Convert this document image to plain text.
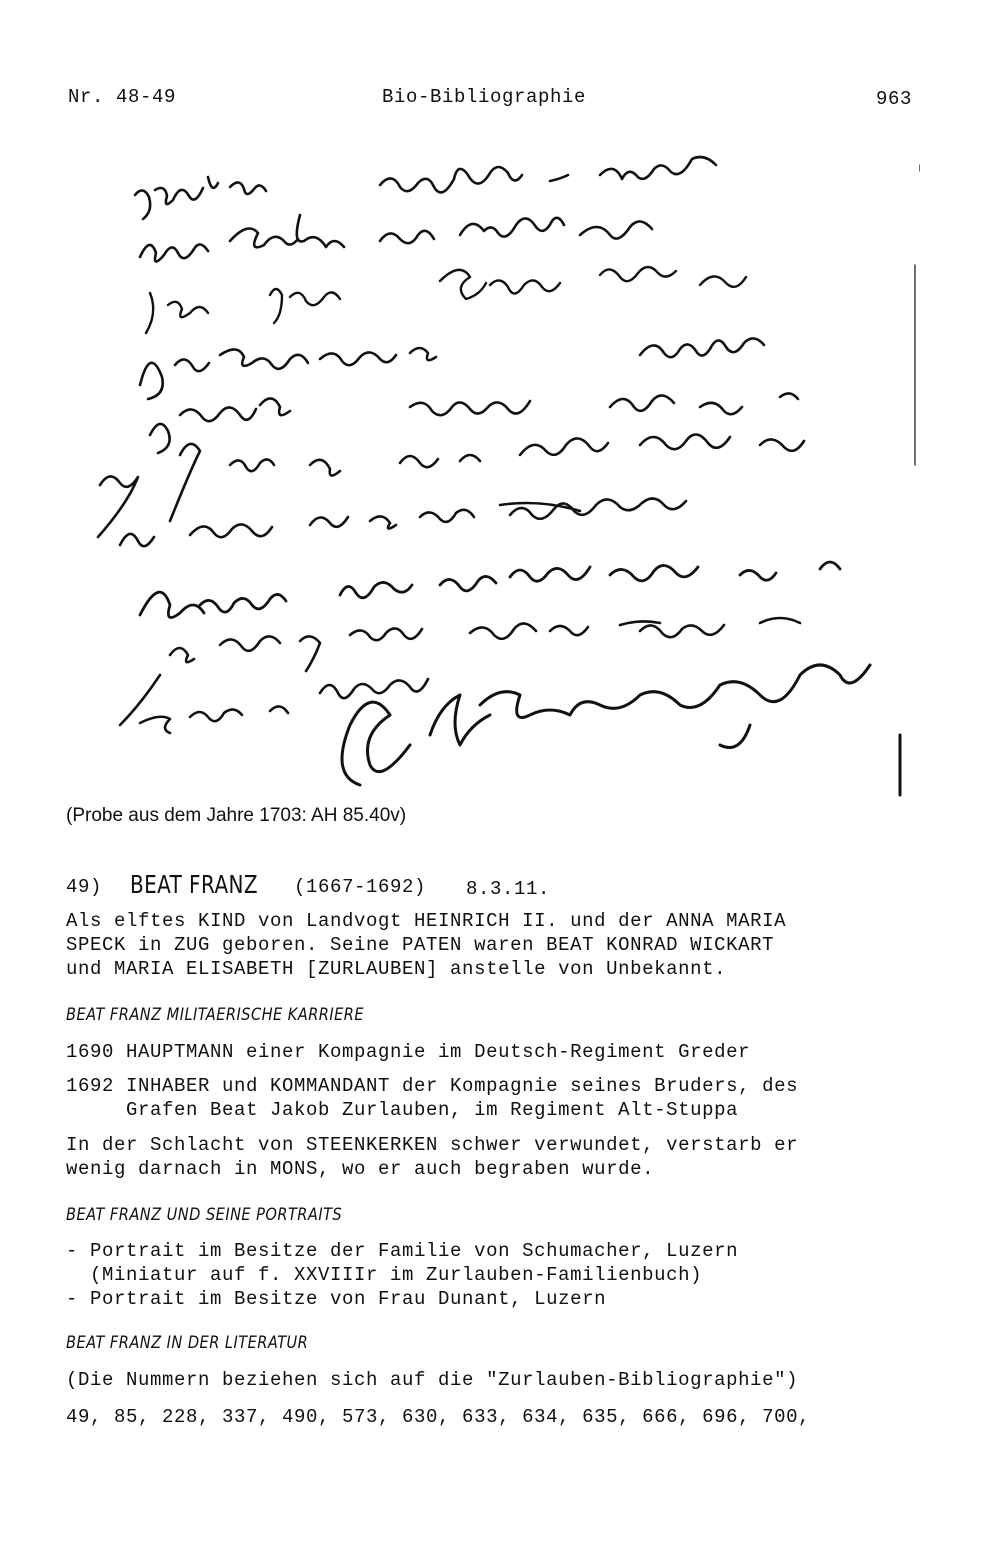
Nr. 48-49	Bio-Bibliographie	963
(Probe aus dem Jahre 1703: AH 85.40v)
49) BEAT FRANZ (1667-1692) 8.3.11.
Als elftes KIND von Landvogt HEINRICH II. und der ANNA MARIA
SPECK in ZUG geboren. Seine PATEN waren BEAT KONRAD WICKART
und MARIA ELISABETH [ZURLAUBEN] anstelle von Unbekannt.
BEAT FRANZ MILITAERISCHE KARRIERE
1690 HAUPTMANN einer Kompagnie im Deutsch-Regiment Greder
1692 INHABER und KOMMANDANT der Kompagnie seines Bruders, des
Grafen Beat Jakob Zurlauben, im Regiment Alt-Stuppa
In der Schlacht von STEENKERKEN schwer verwundet, verstarb er
wenig darnach in MONS, wo er auch begraben wurde.
BEAT FRANZ UND SEINE PORTRAITS
- Portrait im Besitze der Familie von Schumacher, Luzern
(Miniatur auf f. XXVIIIr im Zurlauben-Familienbuch)
- Portrait im Besitze von Frau Dunant, Luzern
BEAT FRANZ IN DER LITERATUR
(Die Nummern beziehen sich auf die "Zurlauben-Bibliographie")
49, 85, 228, 337, 490, 573, 630, 633, 634, 635, 666, 696, 700,
